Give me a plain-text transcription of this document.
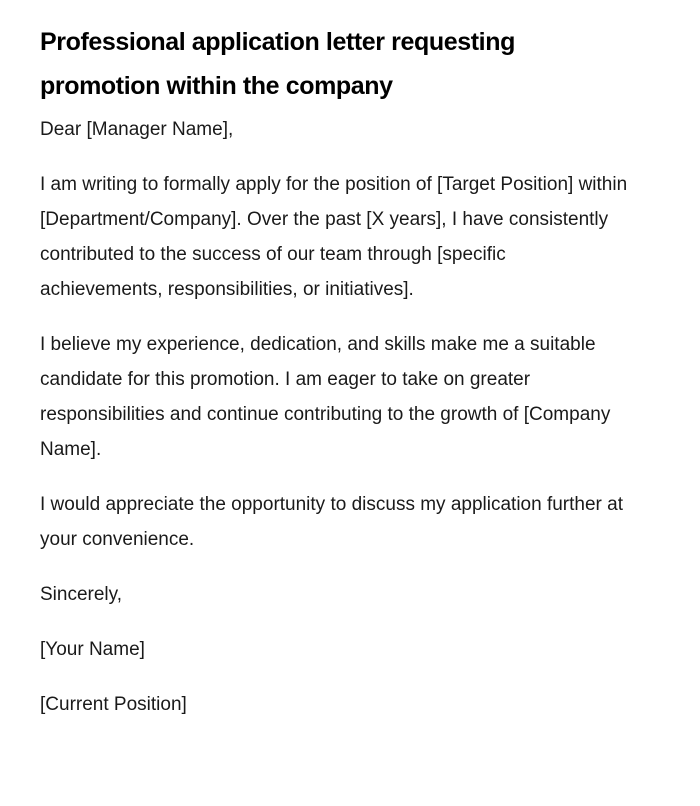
Professional application letter requesting promotion within the company

Dear [Manager Name],

I am writing to formally apply for the position of [Target Position] within [Department/Company]. Over the past [X years], I have consistently contributed to the success of our team through [specific achievements, responsibilities, or initiatives].

I believe my experience, dedication, and skills make me a suitable candidate for this promotion. I am eager to take on greater responsibilities and continue contributing to the growth of [Company Name].

I would appreciate the opportunity to discuss my application further at your convenience.

Sincerely,

[Your Name]

[Current Position]
